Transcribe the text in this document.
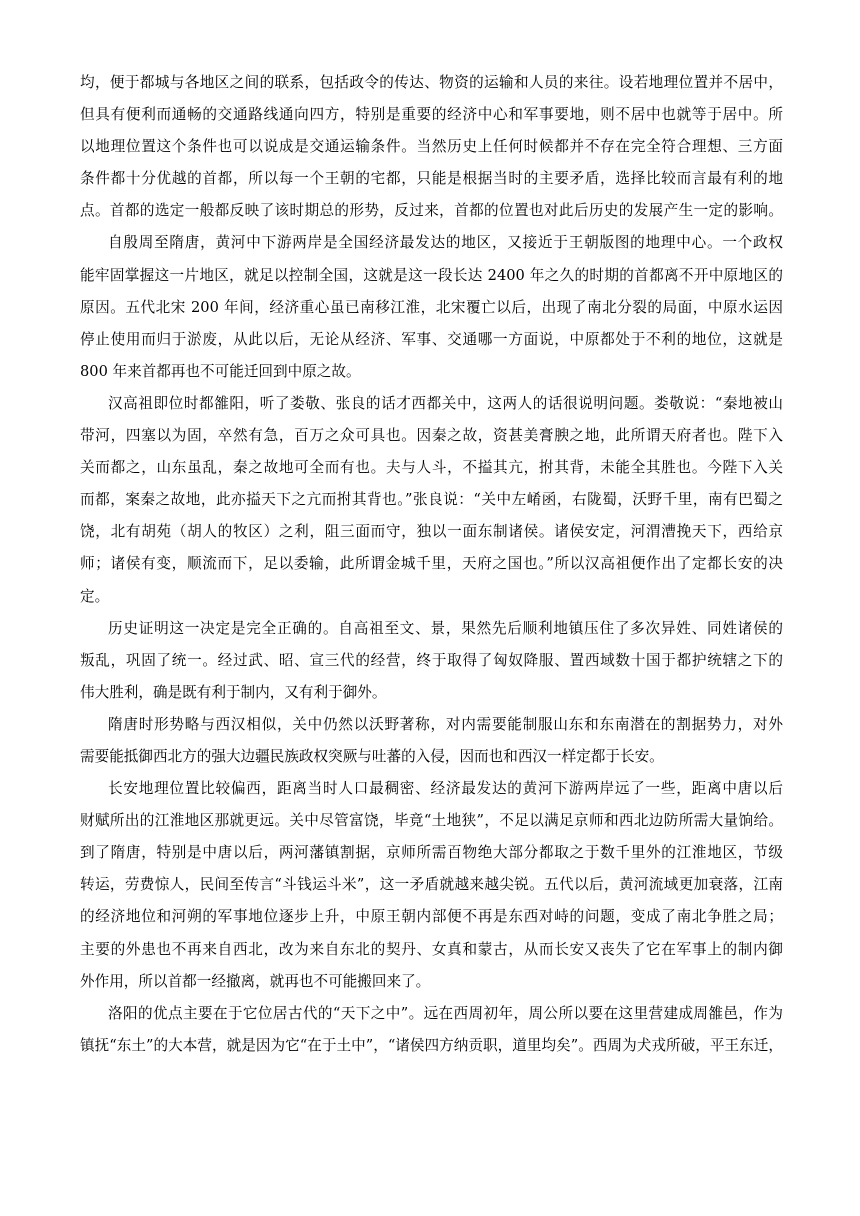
均，便于都城与各地区之间的联系，包括政令的传达、物资的运输和人员的来往。设若地理位置并不居中，
但具有便利而通畅的交通路线通向四方，特别是重要的经济中心和军事要地，则不居中也就等于居中。所
以地理位置这个条件也可以说成是交通运输条件。当然历史上任何时候都并不存在完全符合理想、三方面
条件都十分优越的首都，所以每一个王朝的宅都，只能是根据当时的主要矛盾，选择比较而言最有利的地
点。首都的选定一般都反映了该时期总的形势，反过来，首都的位置也对此后历史的发展产生一定的影响。
自殷周至隋唐，黄河中下游两岸是全国经济最发达的地区，又接近于王朝版图的地理中心。一个政权
能牢固掌握这一片地区，就足以控制全国，这就是这一段长达 2400 年之久的时期的首都离不开中原地区的
原因。五代北宋 200 年间，经济重心虽已南移江淮，北宋覆亡以后，出现了南北分裂的局面，中原水运因
停止使用而归于淤废，从此以后，无论从经济、军事、交通哪一方面说，中原都处于不利的地位，这就是
800 年来首都再也不可能迁回到中原之故。
汉高祖即位时都雒阳，听了娄敬、张良的话才西都关中，这两人的话很说明问题。娄敬说：“秦地被山
带河，四塞以为固，卒然有急，百万之众可具也。因秦之故，资甚美膏腴之地，此所谓天府者也。陛下入
关而都之，山东虽乱，秦之故地可全而有也。夫与人斗，不搤其亢，拊其背，未能全其胜也。今陛下入关
而都，案秦之故地，此亦搤天下之亢而拊其背也。”张良说：“关中左崤函，右陇蜀，沃野千里，南有巴蜀之
饶，北有胡苑（胡人的牧区）之利，阻三面而守，独以一面东制诸侯。诸侯安定，河渭漕挽天下，西给京
师；诸侯有变，顺流而下，足以委输，此所谓金城千里，天府之国也。”所以汉高祖便作出了定都长安的决
定。
历史证明这一决定是完全正确的。自高祖至文、景，果然先后顺利地镇压住了多次异姓、同姓诸侯的
叛乱，巩固了统一。经过武、昭、宣三代的经营，终于取得了匈奴降服、置西域数十国于都护统辖之下的
伟大胜利，确是既有利于制内，又有利于御外。
隋唐时形势略与西汉相似，关中仍然以沃野著称，对内需要能制服山东和东南潜在的割据势力，对外
需要能抵御西北方的强大边疆民族政权突厥与吐蕃的入侵，因而也和西汉一样定都于长安。
长安地理位置比较偏西，距离当时人口最稠密、经济最发达的黄河下游两岸远了一些，距离中唐以后
财赋所出的江淮地区那就更远。关中尽管富饶，毕竟“土地狭”，不足以满足京师和西北边防所需大量饷给。
到了隋唐，特别是中唐以后，两河藩镇割据，京师所需百物绝大部分都取之于数千里外的江淮地区，节级
转运，劳费惊人，民间至传言“斗钱运斗米”，这一矛盾就越来越尖锐。五代以后，黄河流域更加衰落，江南
的经济地位和河朔的军事地位逐步上升，中原王朝内部便不再是东西对峙的问题，变成了南北争胜之局；
主要的外患也不再来自西北，改为来自东北的契丹、女真和蒙古，从而长安又丧失了它在军事上的制内御
外作用，所以首都一经撤离，就再也不可能搬回来了。
洛阳的优点主要在于它位居古代的“天下之中”。远在西周初年，周公所以要在这里营建成周雒邑，作为
镇抚“东土”的大本营，就是因为它“在于土中”，“诸侯四方纳贡职，道里均矣”。西周为犬戎所破，平王东迁，
